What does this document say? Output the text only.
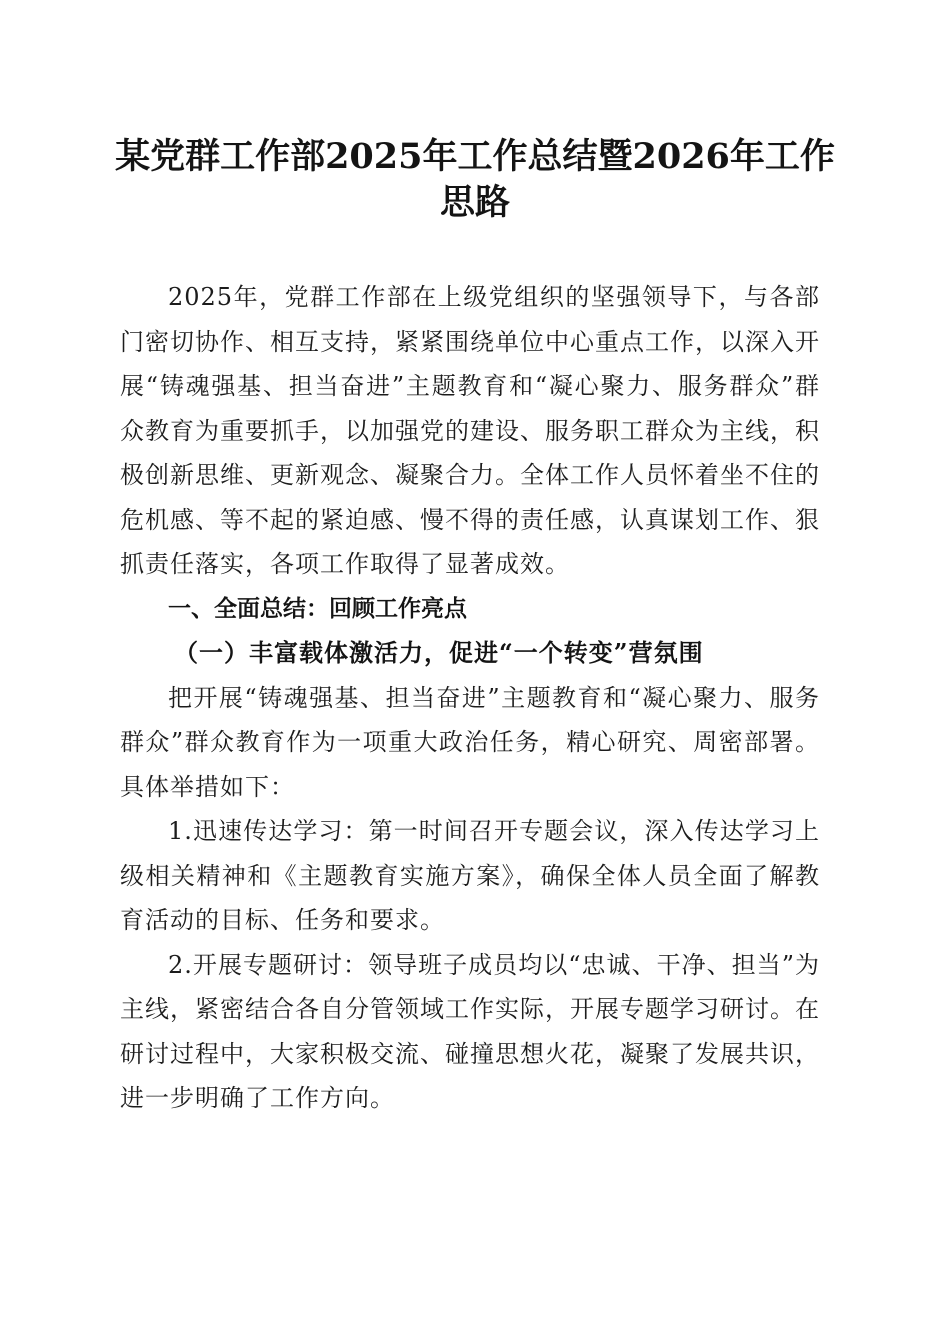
某党群工作部2025年工作总结暨2026年工作思路

2025年，党群工作部在上级党组织的坚强领导下，与各部门密切协作、相互支持，紧紧围绕单位中心重点工作，以深入开展“铸魂强基、担当奋进”主题教育和“凝心聚力、服务群众”群众教育为重要抓手，以加强党的建设、服务职工群众为主线，积极创新思维、更新观念、凝聚合力。全体工作人员怀着坐不住的危机感、等不起的紧迫感、慢不得的责任感，认真谋划工作、狠抓责任落实，各项工作取得了显著成效。

一、全面总结：回顾工作亮点

（一）丰富载体激活力，促进“一个转变”营氛围

把开展“铸魂强基、担当奋进”主题教育和“凝心聚力、服务群众”群众教育作为一项重大政治任务，精心研究、周密部署。具体举措如下：

1.迅速传达学习：第一时间召开专题会议，深入传达学习上级相关精神和《主题教育实施方案》，确保全体人员全面了解教育活动的目标、任务和要求。

2.开展专题研讨：领导班子成员均以“忠诚、干净、担当”为主线，紧密结合各自分管领域工作实际，开展专题学习研讨。在研讨过程中，大家积极交流、碰撞思想火花，凝聚了发展共识，进一步明确了工作方向。
